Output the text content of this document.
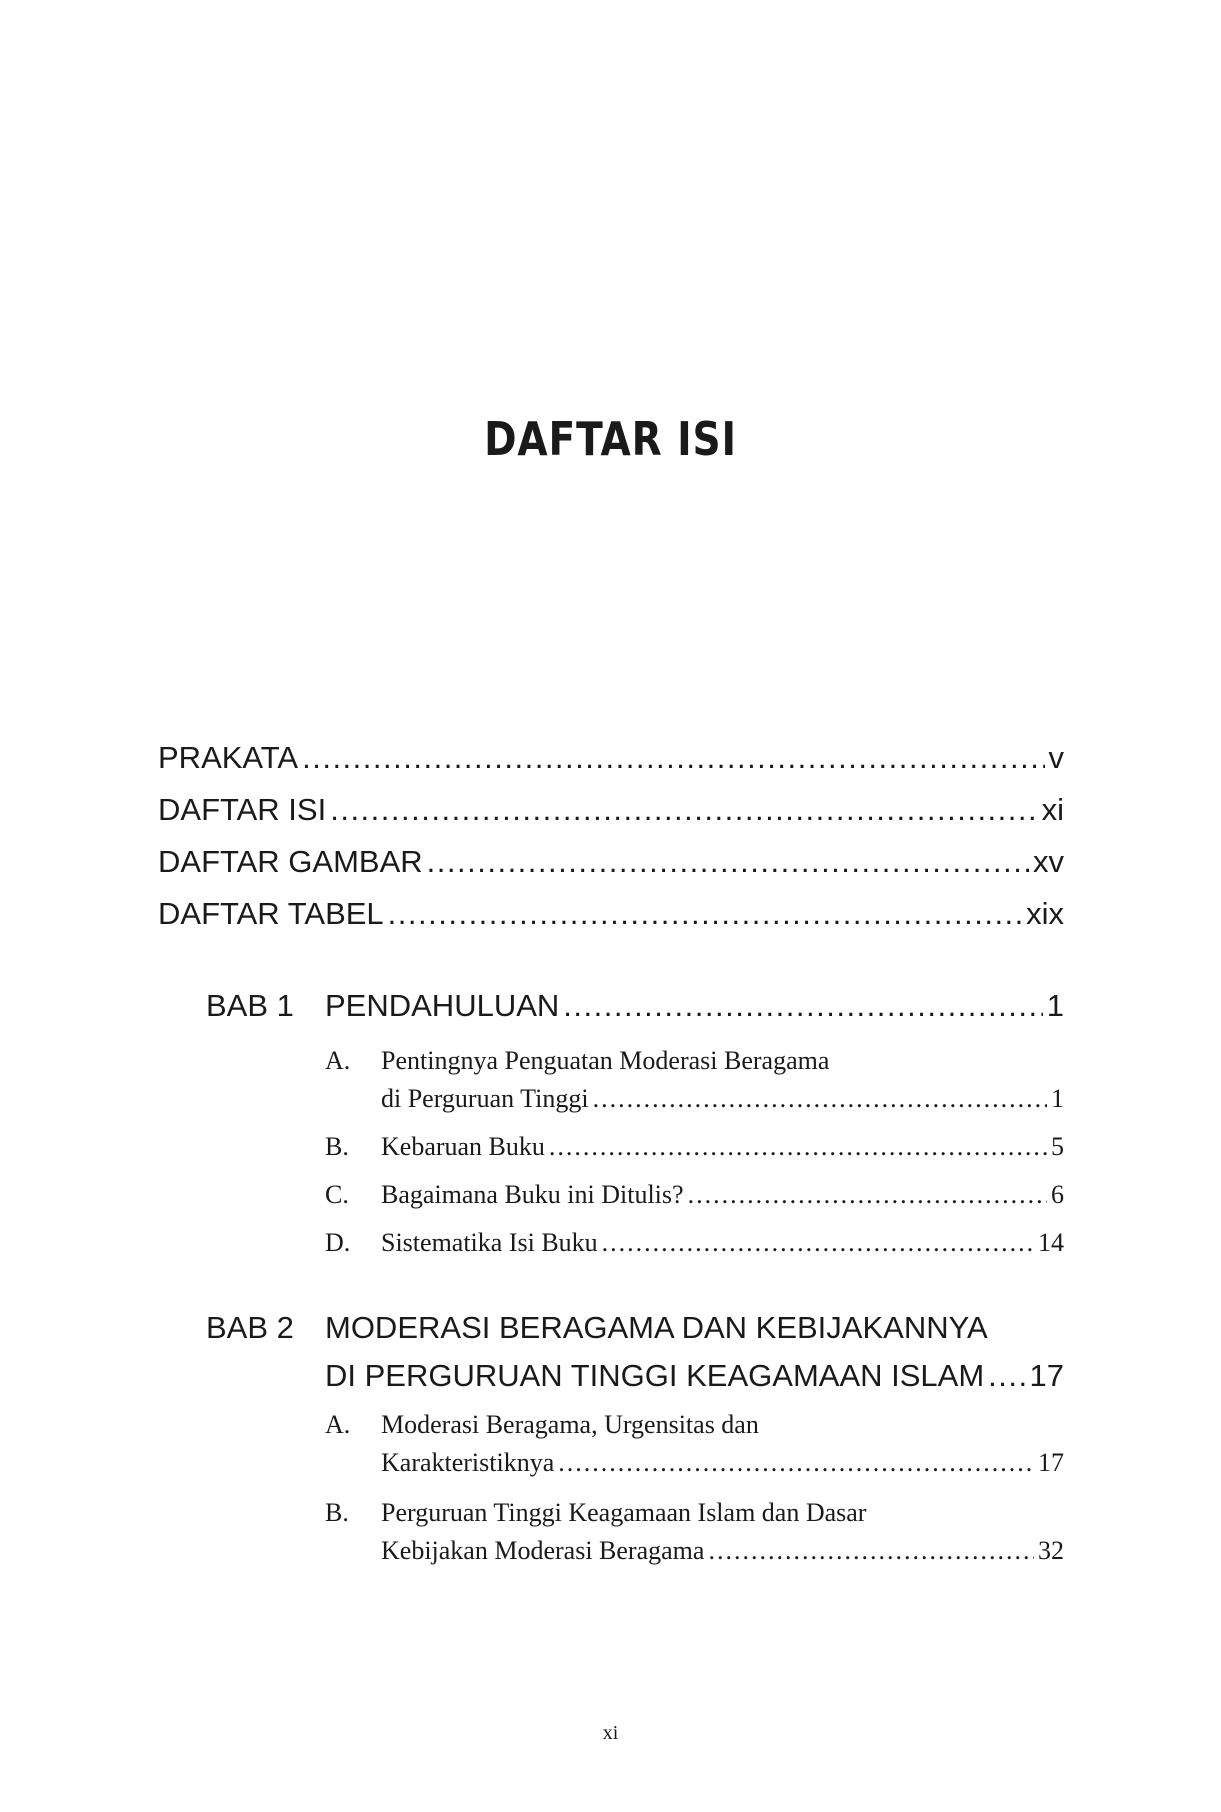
DAFTAR ISI
PRAKATA .....	v
DAFTAR ISI .....	xi
DAFTAR GAMBAR .....	xv
DAFTAR TABEL .....	xix
BAB 1 PENDAHULUAN .....	1
A. Pentingnya Penguatan Moderasi Beragama
di Perguruan Tinggi .....	1
B. Kebaruan Buku .....	5
C. Bagaimana Buku ini Ditulis? .....	6
D. Sistematika Isi Buku .....	14
BAB 2 MODERASI BERAGAMA DAN KEBIJAKANNYA
DI PERGURUAN TINGGI KEAGAMAAN ISLAM ..... 17
A. Moderasi Beragama, Urgensitas dan
Karakteristiknya .....	17
B. Perguruan Tinggi Keagamaan Islam dan Dasar
Kebijakan Moderasi Beragama .....	32
xi
